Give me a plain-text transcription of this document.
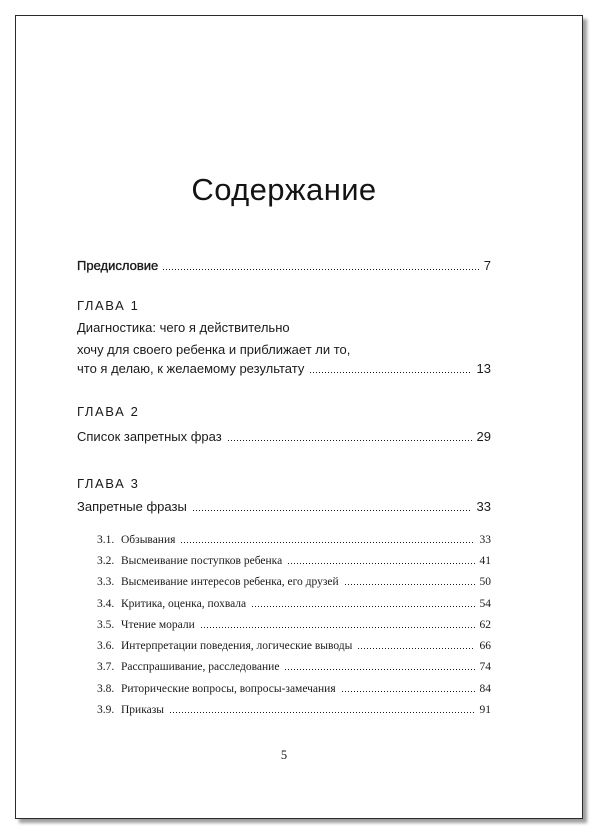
Содержание
Предисловие	7
ГЛАВА 1
Диагностика: чего я действительно
хочу для своего ребенка и приближает ли то,
что я делаю, к желаемому результату	13
ГЛАВА 2
Список запретных фраз	29
ГЛАВА 3
Запретные фразы	33
3.1. Обзывания	33
3.2. Высмеивание поступков ребенка	41
3.3. Высмеивание интересов ребенка, его друзей	50
3.4. Критика, оценка, похвала	54
3.5. Чтение морали	62
3.6. Интерпретации поведения, логические выводы	66
3.7. Расспрашивание, расследование	74
3.8. Риторические вопросы, вопросы-замечания	84
3.9. Приказы	91
5
